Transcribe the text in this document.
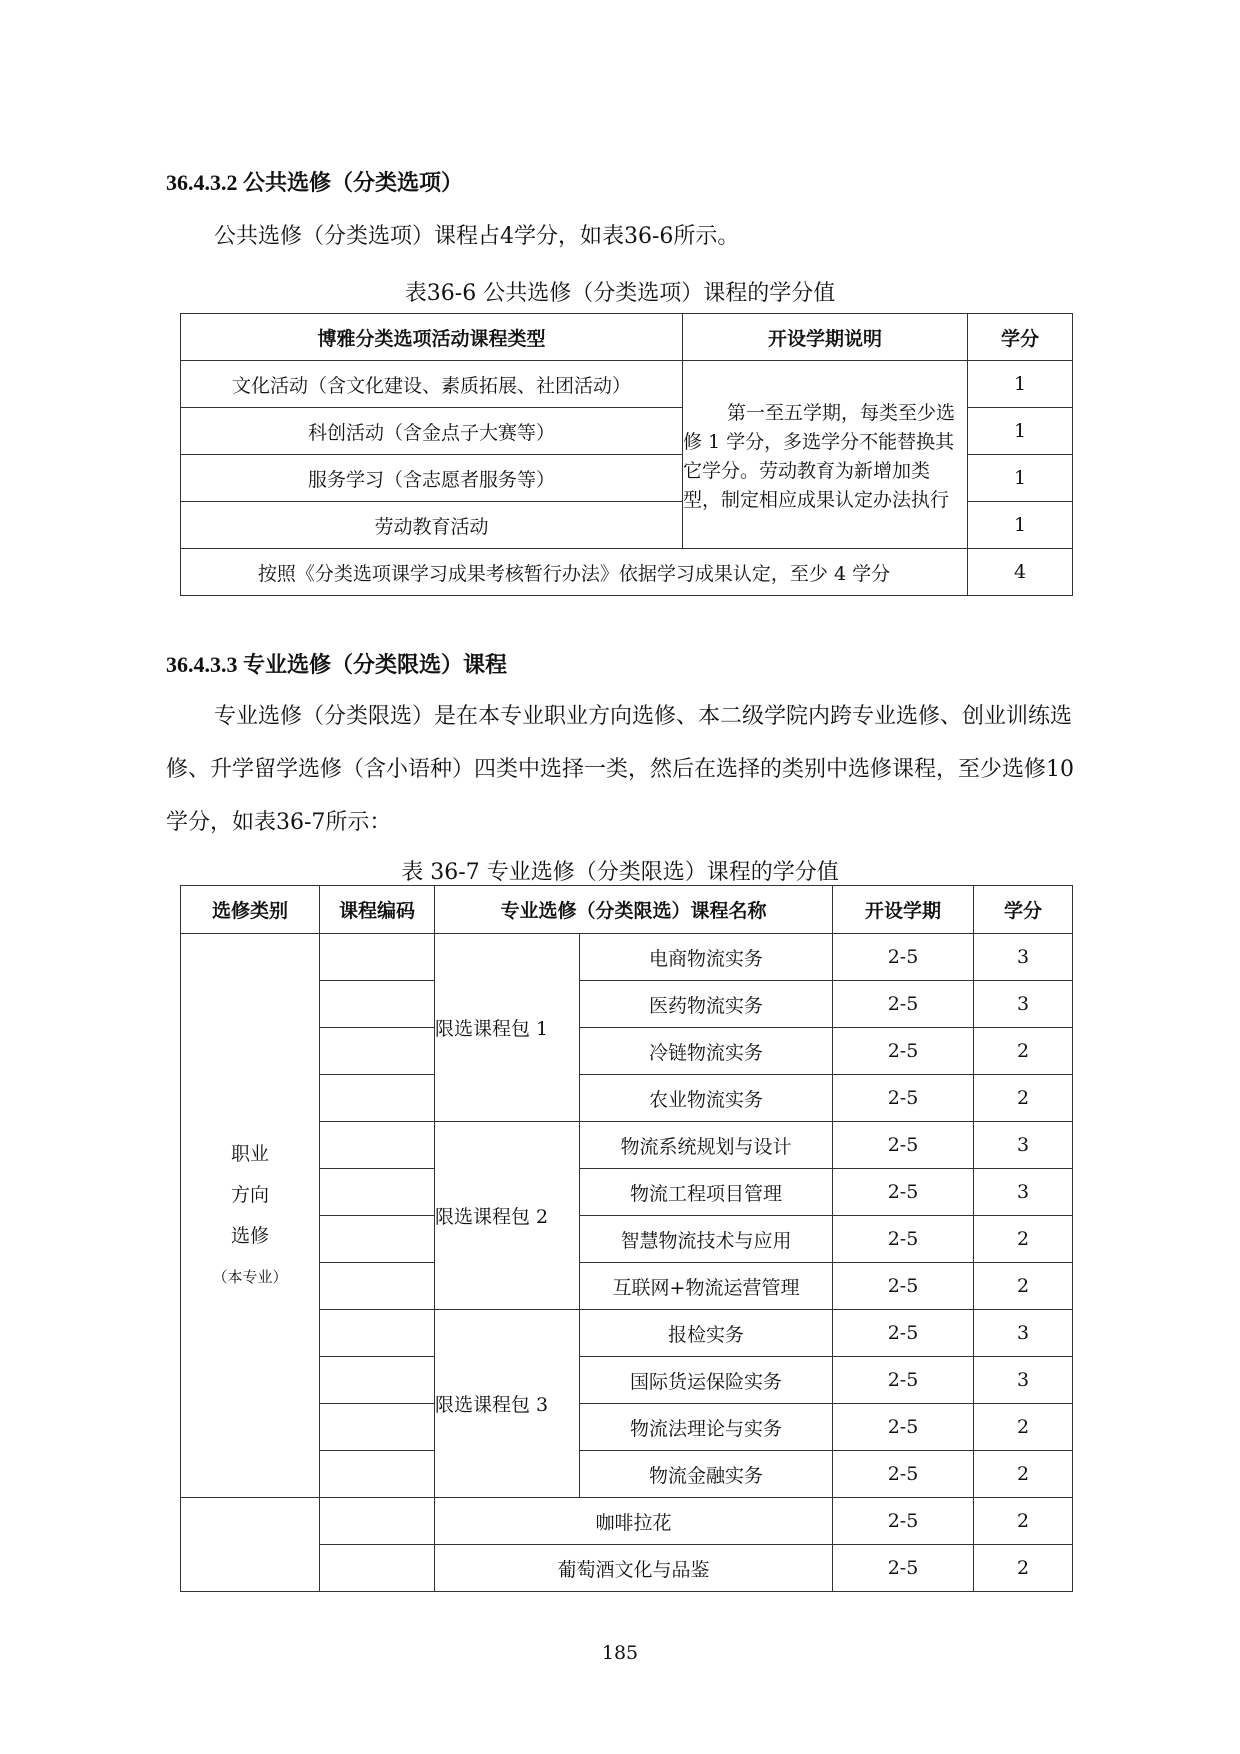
36.4.3.2 公共选修（分类选项）
公共选修（分类选项）课程占4学分，如表36-6所示。
表36-6 公共选修（分类选项）课程的学分值
博雅分类选项活动课程类型	开设学期说明	学分
文化活动（含文化建设、素质拓展、社团活动）	第一至五学期，每类至少选修 1 学分，多选学分不能替换其它学分。劳动教育为新增加类型，制定相应成果认定办法执行	1
科创活动（含金点子大赛等）		1
服务学习（含志愿者服务等）		1
劳动教育活动		1
按照《分类选项课学习成果考核暂行办法》依据学习成果认定，至少 4 学分		4
36.4.3.3 专业选修（分类限选）课程
专业选修（分类限选）是在本专业职业方向选修、本二级学院内跨专业选修、创业训练选修、升学留学选修（含小语种）四类中选择一类，然后在选择的类别中选修课程，至少选修10学分，如表36-7所示：
表 36-7 专业选修（分类限选）课程的学分值
选修类别	课程编码	专业选修（分类限选）课程名称		开设学期	学分

职业
方向
选修
（本专业）		限选课程包 1	电商物流实务	2-5	3
			医药物流实务	2-5	3
			冷链物流实务	2-5	2
			农业物流实务	2-5	2
		限选课程包 2	物流系统规划与设计	2-5	3
			物流工程项目管理	2-5	3
			智慧物流技术与应用	2-5	2
			互联网+物流运营管理	2-5	2
		限选课程包 3	报检实务	2-5	3
			国际货运保险实务	2-5	3
			物流法理论与实务	2-5	2
			物流金融实务	2-5	2
		咖啡拉花		2-5	2
		葡萄酒文化与品鉴		2-5	2
185
